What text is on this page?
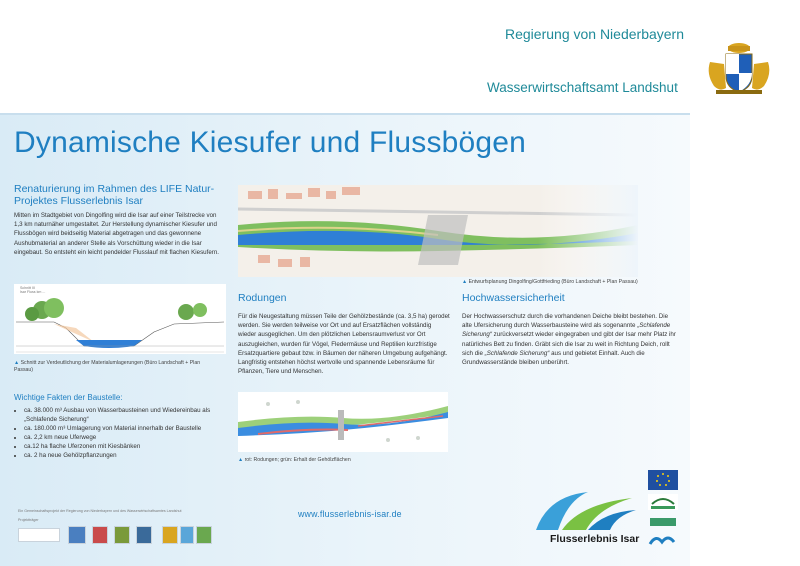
Regierung von Niederbayern
Wasserwirtschaftsamt Landshut
Dynamische Kiesufer und Flussbögen
Renaturierung im Rahmen des LIFE Natur-Projektes Flusserlebnis Isar
Mitten im Stadtgebiet von Dingolfing wird die Isar auf einer Teilstrecke von 1,3 km naturnäher umgestaltet. Zur Herstellung dynamischer Kiesufer und Flussbögen wird beidseitig Material abgetragen und das gewonnene Aushubmaterial an anderer Stelle als Vorschüttung wieder in die Isar eingebaut. So entsteht ein leicht pendelder Flusslauf mit flachen Kiesufern.
Schnitt III
Isar Fluss km ...
▲ Schnitt zur Verdeutlichung der Materialumlagerungen (Büro Landschaft + Plan Passau)
Wichtige Fakten der Baustelle:
• ca. 38.000 m³ Ausbau von Wasserbausteinen und Wiedereinbau als „Schlafende Sicherung“
• ca. 180.000 m³ Umlagerung von Material innerhalb der Baustelle
• ca. 2,2 km neue Uferwege
• ca.12 ha flache Uferzonen mit Kiesbänken
• ca. 2 ha neue Gehölzpflanzungen
▲ Entwurfsplanung Dingolfing/Gottfrieding (Büro Landschaft + Plan Passau)
Rodungen
Für die Neugestaltung müssen Teile der Gehölzbestände (ca. 3,5 ha) gerodet werden. Sie werden teilweise vor Ort und auf Ersatzflächen vollständig wieder ausgeglichen. Um den plötzlichen Lebensraumverlust vor Ort auszugleichen, wurden für Vögel, Fledermäuse und Reptilien kurzfristige Ersatzquartiere gebaut bzw. in Bäumen der näheren Umgebung aufgehängt. Langfristig entstehen höchst wertvolle und spannende Lebensräume für Pflanzen, Tiere und Menschen.
▲ rot: Rodungen; grün: Erhalt der Gehölzflächen
Hochwassersicherheit
Der Hochwasserschutz durch die vorhandenen Deiche bleibt bestehen. Die alte Ufersicherung durch Wasserbausteine wird als sogenannte „Schlafende Sicherung“ zurückversetzt wieder eingegraben und gibt der Isar mehr Platz ihr natürliches Bett zu finden. Gräbt sich die Isar zu weit in Richtung Deich, rollt sich die „Schlafende Sicherung“ aus und gebietet Einhalt. Auch die Grundwasserstände bleiben unberührt.
Ein Gemeinschaftsprojekt der Regierung von Niederbayern und des Wasserwirtschaftsamtes Landshut
Projektträger
www.flusserlebnis-isar.de
Flusserlebnis Isar
